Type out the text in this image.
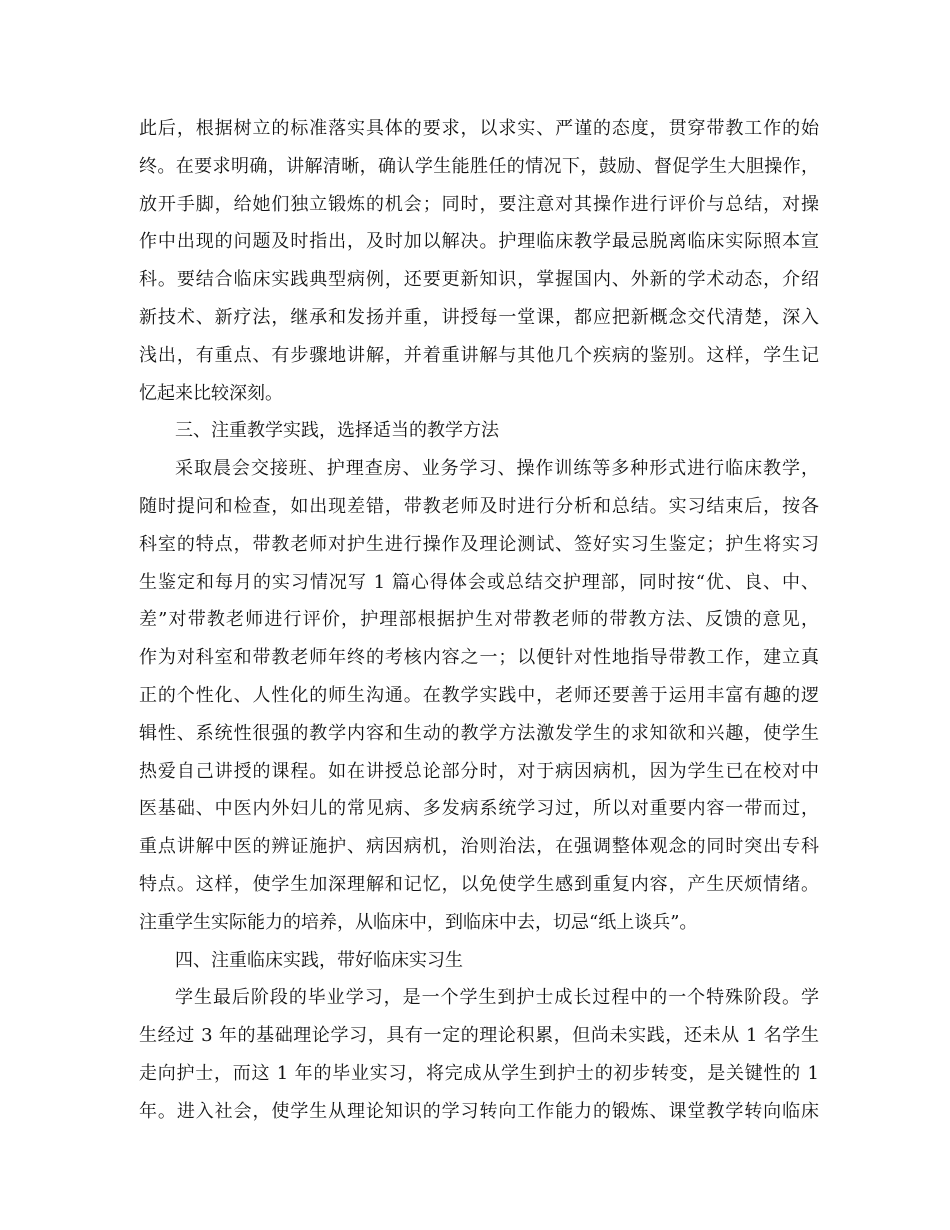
此后，根据树立的标准落实具体的要求，以求实、严谨的态度，贯穿带教工作的始
终。在要求明确，讲解清晰，确认学生能胜任的情况下，鼓励、督促学生大胆操作，
放开手脚，给她们独立锻炼的机会；同时，要注意对其操作进行评价与总结，对操
作中出现的问题及时指出，及时加以解决。护理临床教学最忌脱离临床实际照本宣
科。要结合临床实践典型病例，还要更新知识，掌握国内、外新的学术动态，介绍
新技术、新疗法，继承和发扬并重，讲授每一堂课，都应把新概念交代清楚，深入
浅出，有重点、有步骤地讲解，并着重讲解与其他几个疾病的鉴别。这样，学生记
忆起来比较深刻。
三、注重教学实践，选择适当的教学方法
采取晨会交接班、护理查房、业务学习、操作训练等多种形式进行临床教学，
随时提问和检查，如出现差错，带教老师及时进行分析和总结。实习结束后，按各
科室的特点，带教老师对护生进行操作及理论测试、签好实习生鉴定；护生将实习
生鉴定和每月的实习情况写 1 篇心得体会或总结交护理部，同时按“优、良、中、
差”对带教老师进行评价，护理部根据护生对带教老师的带教方法、反馈的意见，
作为对科室和带教老师年终的考核内容之一；以便针对性地指导带教工作，建立真
正的个性化、人性化的师生沟通。在教学实践中，老师还要善于运用丰富有趣的逻
辑性、系统性很强的教学内容和生动的教学方法激发学生的求知欲和兴趣，使学生
热爱自己讲授的课程。如在讲授总论部分时，对于病因病机，因为学生已在校对中
医基础、中医内外妇儿的常见病、多发病系统学习过，所以对重要内容一带而过，
重点讲解中医的辨证施护、病因病机，治则治法，在强调整体观念的同时突出专科
特点。这样，使学生加深理解和记忆，以免使学生感到重复内容，产生厌烦情绪。
注重学生实际能力的培养，从临床中，到临床中去，切忌“纸上谈兵”。
四、注重临床实践，带好临床实习生
学生最后阶段的毕业学习，是一个学生到护士成长过程中的一个特殊阶段。学
生经过 3 年的基础理论学习，具有一定的理论积累，但尚未实践，还未从 1 名学生
走向护士，而这 1 年的毕业实习，将完成从学生到护士的初步转变，是关键性的 1
年。进入社会，使学生从理论知识的学习转向工作能力的锻炼、课堂教学转向临床
